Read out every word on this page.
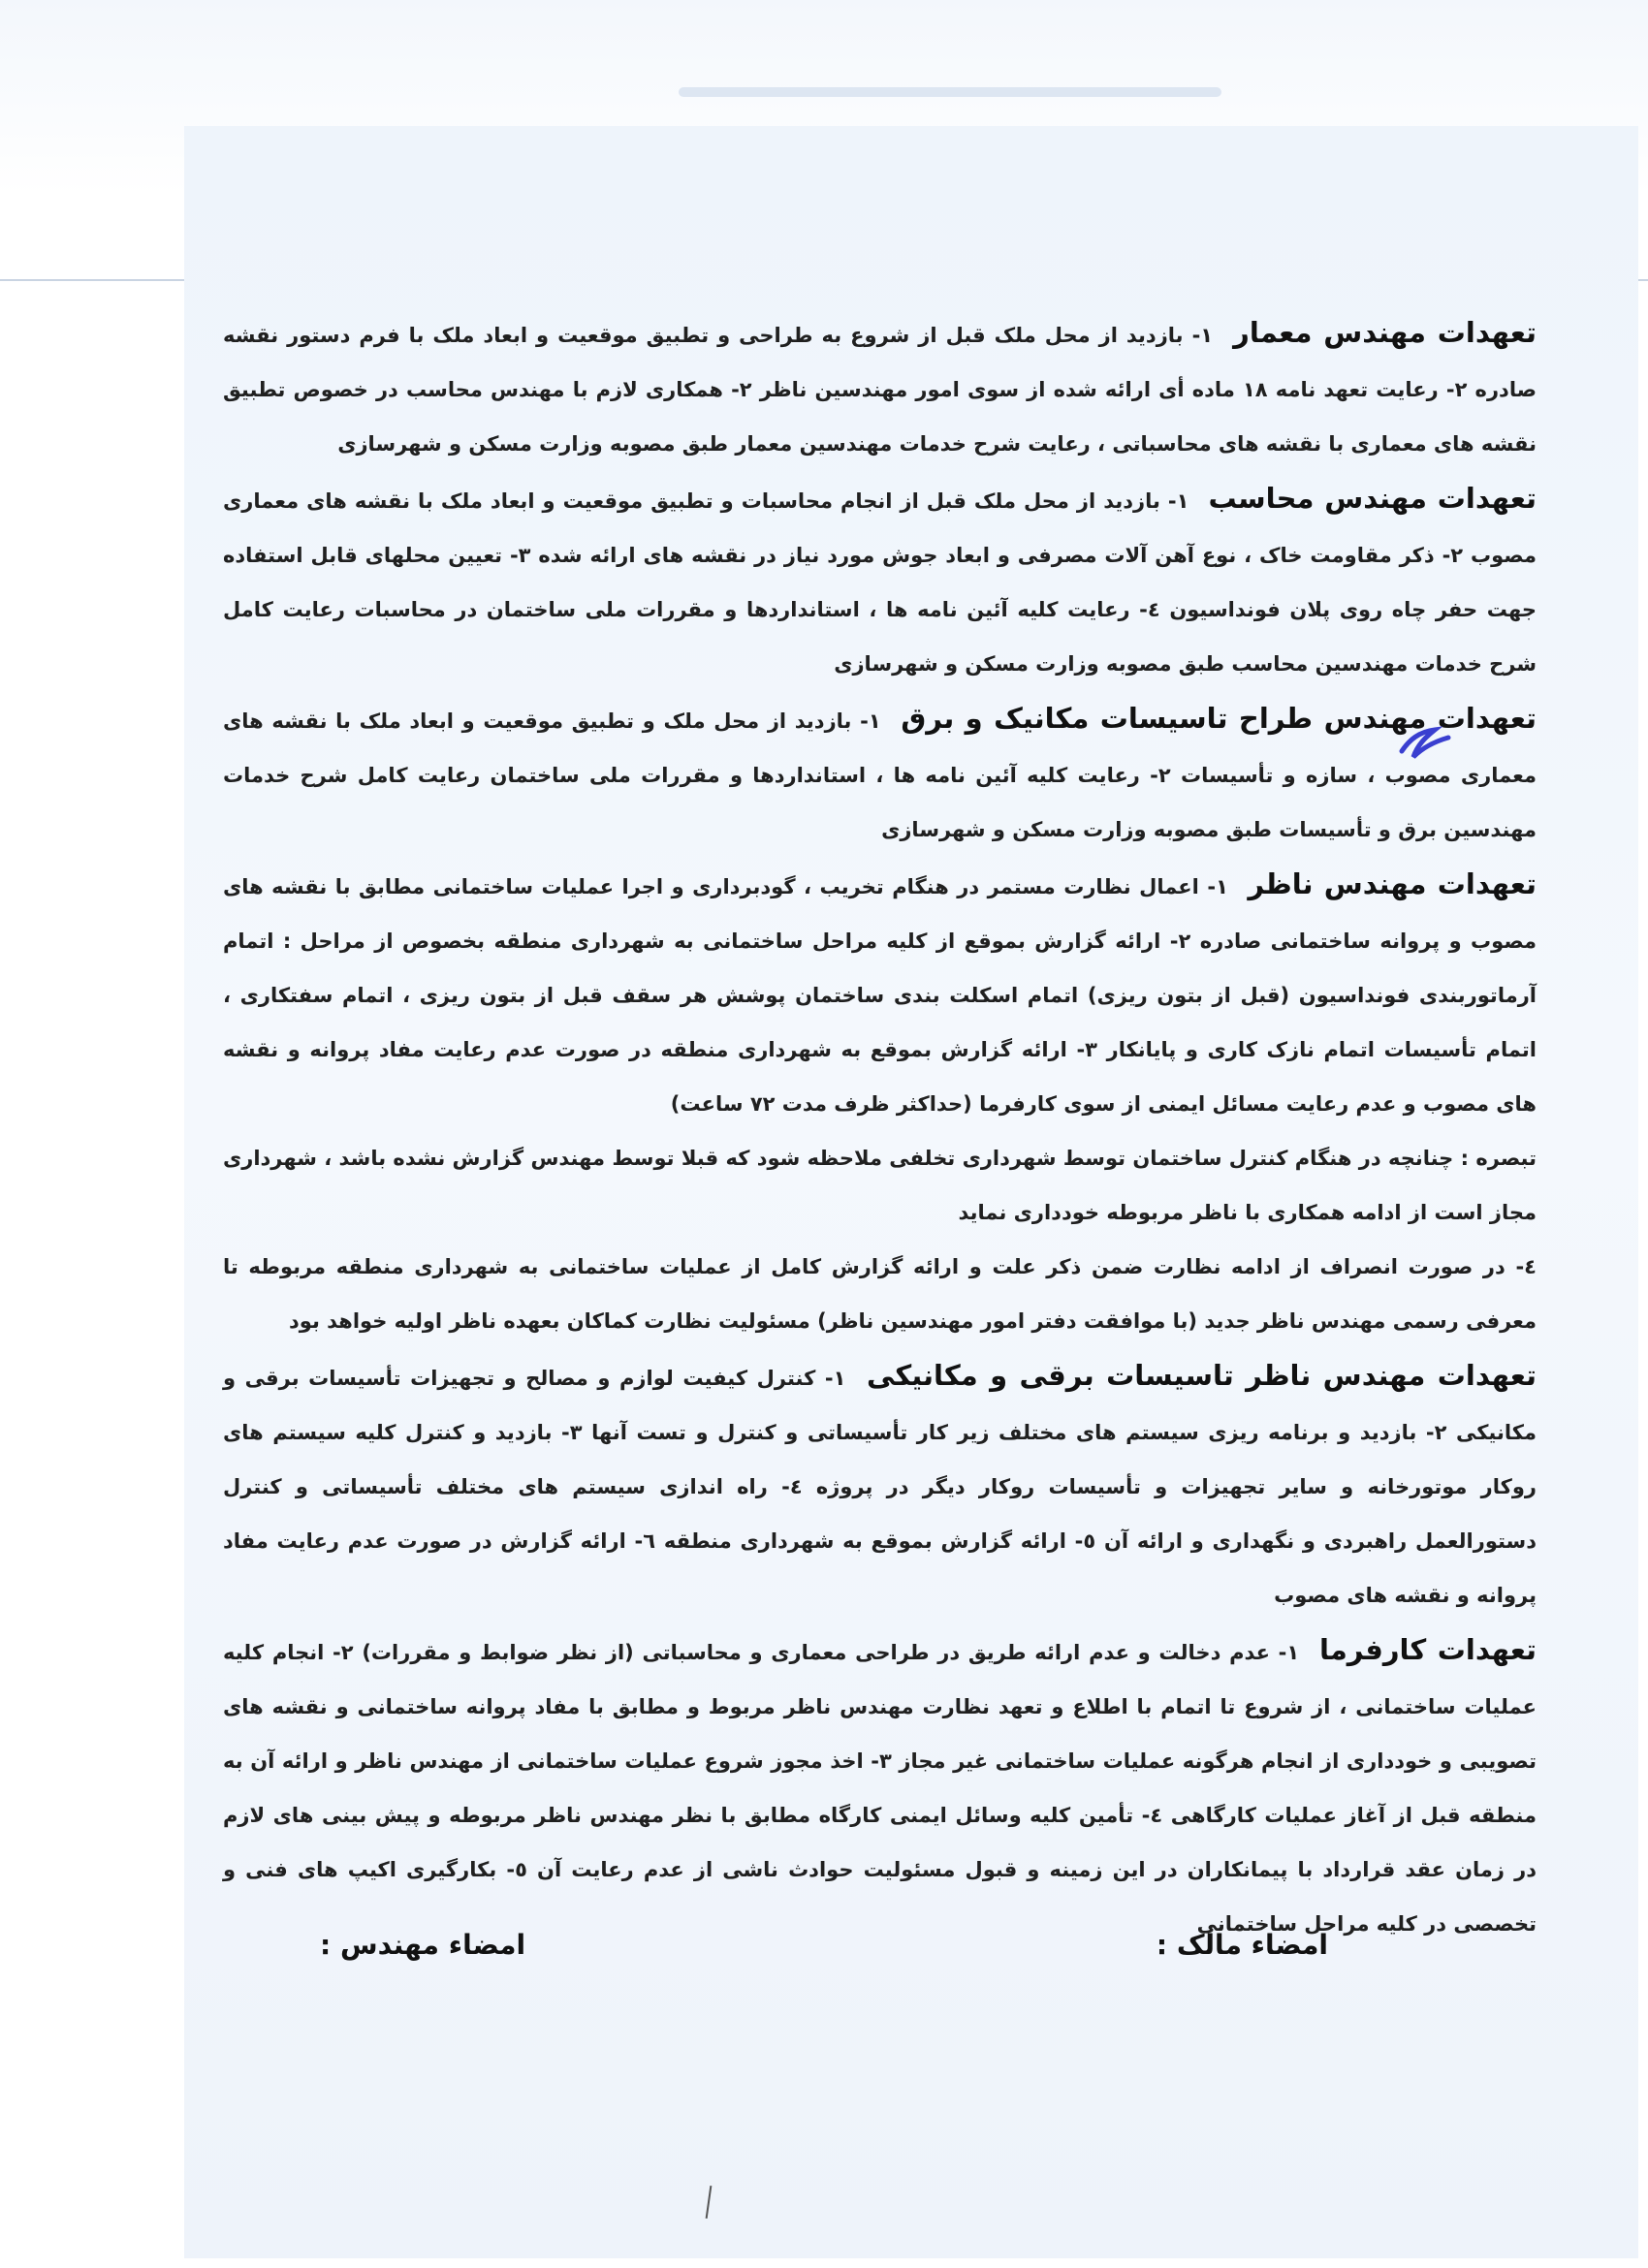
تعهدات مهندس معمار ۱- بازدید از محل ملک قبل از شروع به طراحی و تطبیق موقعیت و ابعاد ملک با فرم دستور نقشه صادره ۲- رعایت تعهد نامه ۱۸ ماده أی ارائه شده از سوی امور مهندسین ناظر ۲- همکاری لازم با مهندس محاسب در خصوص تطبیق نقشه های معماری با نقشه های محاسباتی ، رعایت شرح خدمات مهندسین معمار طبق مصوبه وزارت مسکن و شهرسازی

تعهدات مهندس محاسب ۱- بازدید از محل ملک قبل از انجام محاسبات و تطبیق موقعیت و ابعاد ملک با نقشه های معماری مصوب ۲- ذکر مقاومت خاک ، نوع آهن آلات مصرفی و ابعاد جوش مورد نیاز در نقشه های ارائه شده ۳- تعیین محلهای قابل استفاده جهت حفر چاه روی پلان فونداسیون ٤- رعایت کلیه آئین نامه ها ، استانداردها و مقررات ملی ساختمان در محاسبات رعایت کامل شرح خدمات مهندسین محاسب طبق مصوبه وزارت مسکن و شهرسازی

تعهدات مهندس طراح تاسیسات مکانیک و برق ۱- بازدید از محل ملک و تطبیق موقعیت و ابعاد ملک با نقشه های معماری مصوب ، سازه و تأسیسات ۲- رعایت کلیه آئین نامه ها ، استانداردها و مقررات ملی ساختمان رعایت کامل شرح خدمات مهندسین برق و تأسیسات طبق مصوبه وزارت مسکن و شهرسازی

تعهدات مهندس ناظر ۱- اعمال نظارت مستمر در هنگام تخریب ، گودبرداری و اجرا عملیات ساختمانی مطابق با نقشه های مصوب و پروانه ساختمانی صادره ۲- ارائه گزارش بموقع از کلیه مراحل ساختمانی به شهرداری منطقه بخصوص از مراحل : اتمام آرماتوربندی فونداسیون (قبل از بتون ریزی) اتمام اسکلت بندی ساختمان پوشش هر سقف قبل از بتون ریزی ، اتمام سفتکاری ، اتمام تأسیسات اتمام نازک کاری و پایانکار ۳- ارائه گزارش بموقع به شهرداری منطقه در صورت عدم رعایت مفاد پروانه و نقشه های مصوب و عدم رعایت مسائل ایمنی از سوی کارفرما (حداکثر ظرف مدت ۷۲ ساعت)

تبصره : چنانچه در هنگام کنترل ساختمان توسط شهرداری تخلفی ملاحظه شود که قبلا توسط مهندس گزارش نشده باشد ، شهرداری مجاز است از ادامه همکاری با ناظر مربوطه خودداری نماید

٤- در صورت انصراف از ادامه نظارت ضمن ذکر علت و ارائه گزارش کامل از عملیات ساختمانی به شهرداری منطقه مربوطه تا معرفی رسمی مهندس ناظر جدید (با موافقت دفتر امور مهندسین ناظر) مسئولیت نظارت کماکان بعهده ناظر اولیه خواهد بود

تعهدات مهندس ناظر تاسیسات برقی و مکانیکی ۱- کنترل کیفیت لوازم و مصالح و تجهیزات تأسیسات برقی و مکانیکی ۲- بازدید و برنامه ریزی سیستم های مختلف زیر کار تأسیساتی و کنترل و تست آنها ۳- بازدید و کنترل کلیه سیستم های روکار موتورخانه و سایر تجهیزات و تأسیسات روکار دیگر در پروژه ٤- راه اندازی سیستم های مختلف تأسیساتی و کنترل دستورالعمل راهبردی و نگهداری و ارائه آن ٥- ارائه گزارش بموقع به شهرداری منطقه ٦- ارائه گزارش در صورت عدم رعایت مفاد پروانه و نقشه های مصوب

تعهدات کارفرما ۱- عدم دخالت و عدم ارائه طریق در طراحی معماری و محاسباتی (از نظر ضوابط و مقررات) ۲- انجام کلیه عملیات ساختمانی ، از شروع تا اتمام با اطلاع و تعهد نظارت مهندس ناظر مربوط و مطابق با مفاد پروانه ساختمانی و نقشه های تصویبی و خودداری از انجام هرگونه عملیات ساختمانی غیر مجاز ۳- اخذ مجوز شروع عملیات ساختمانی از مهندس ناظر و ارائه آن به منطقه قبل از آغاز عملیات کارگاهی ٤- تأمین کلیه وسائل ایمنی کارگاه مطابق با نظر مهندس ناظر مربوطه و پیش بینی های لازم در زمان عقد قرارداد با پیمانکاران در این زمینه و قبول مسئولیت حوادث ناشی از عدم رعایت آن ٥- بکارگیری اکیپ های فنی و تخصصی در کلیه مراحل ساختمانی

امضاء مالک :
امضاء مهندس :
